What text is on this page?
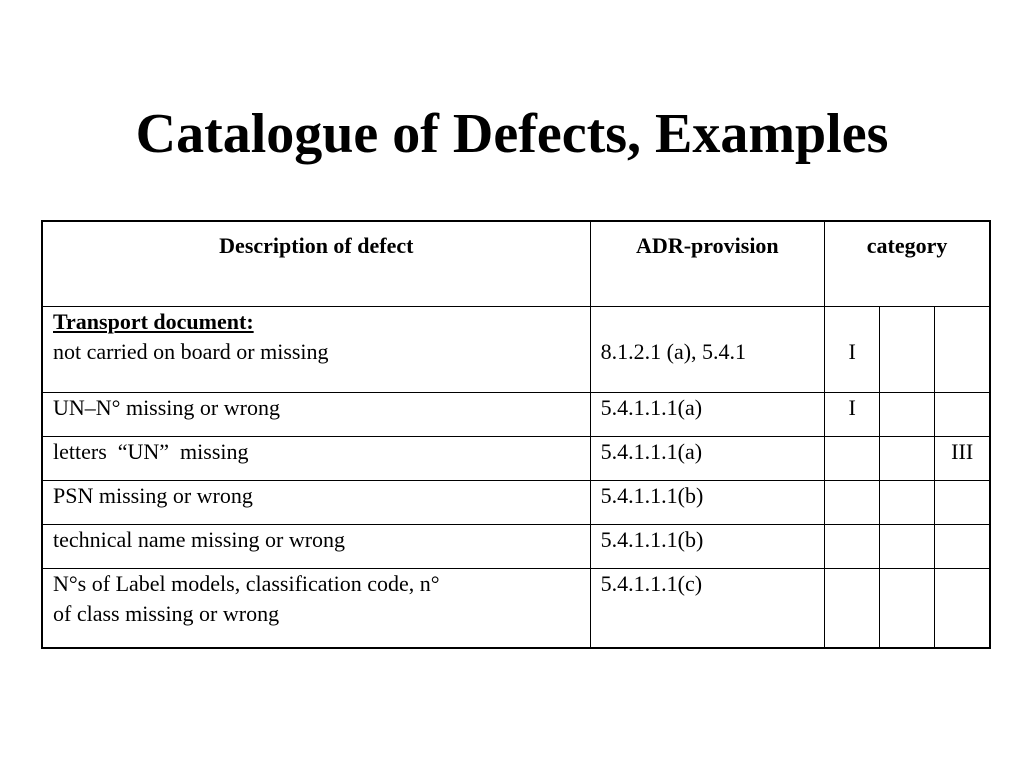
Catalogue of Defects, Examples
Description of defect	ADR-provision	category		

Transport document:
not carried on board or missing	8.1.2.1 (a), 5.4.1	I		

UN–N° missing or wrong	5.4.1.1.1(a)	I		
letters  “UN”  missing	5.4.1.1.1(a)			III
PSN missing or wrong	5.4.1.1.1(b)			
technical name missing or wrong	5.4.1.1.1(b)			

N°s of Label models, classification code, n°
of class missing or wrong	5.4.1.1.1(c)			
